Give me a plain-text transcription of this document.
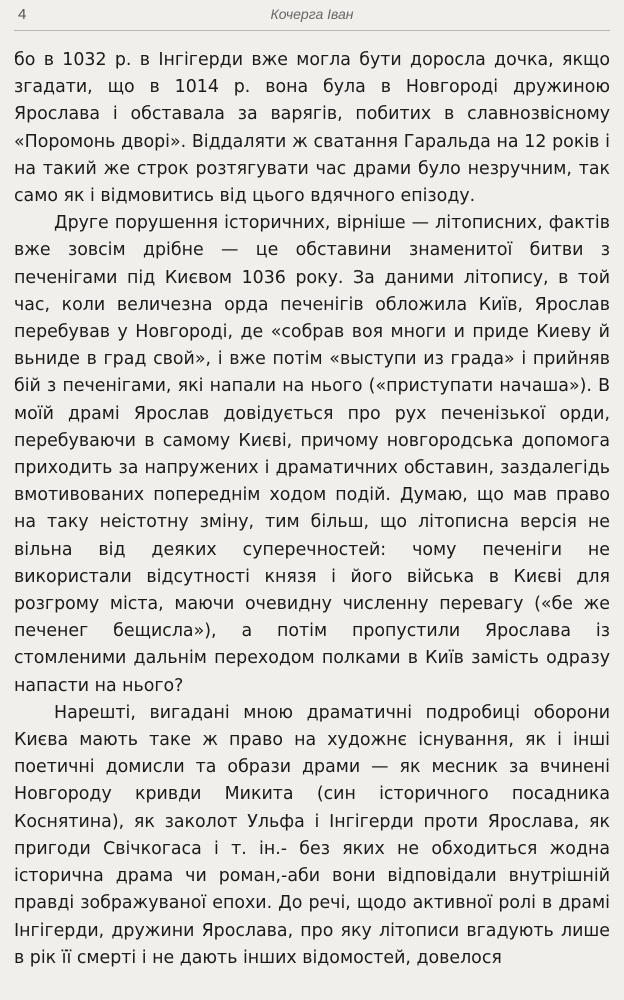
4	Кочерга Іван

бо в 1032 р. в Інгігерди вже могла бути доросла дочка, якщо згадати, що в 1014 р. вона була в Новгороді дружиною Ярослава і обставала за варягів, побитих в славнозвісному «Поромонь дворі». Віддаляти ж сватання Гаральда на 12 років і на такий же строк розтягувати час драми було незручним, так само як і відмовитись від цього вдячного епізоду.

Друге порушення історичних, вірніше — літописних, фактів вже зовсім дрібне — це обставини знаменитої битви з печенігами під Києвом 1036 року. За даними літопису, в той час, коли величезна орда печенігів обложила Київ, Ярослав перебував у Новгороді, де «собрав воя многи и приде Киеву й вьниде в град свой», і вже потім «выступи из града» і прийняв бій з печенігами, які напали на нього («приступати начаша»). В моїй драмі Ярослав довідується про рух печенізької орди, перебуваючи в самому Києві, причому новгородська допомога приходить за напружених і драматичних обставин, заздалегідь вмотивованих попереднім ходом подій. Думаю, що мав право на таку неістотну зміну, тим більш, що літописна версія не вільна від деяких суперечностей: чому печеніги не використали відсутності князя і його війська в Києві для розгрому міста, маючи очевидну численну перевагу («бе же печенег бещисла»), а потім пропустили Ярослава із стомленими дальнім переходом полками в Київ замість одразу напасти на нього?

Нарешті, вигадані мною драматичні подробиці оборони Києва мають таке ж право на художнє існування, як і інші поетичні домисли та образи драми — як месник за вчинені Новгороду кривди Микита (син історичного посадника Коснятина), як заколот Ульфа і Інгігерди проти Ярослава, як пригоди Свічкогаса і т. ін.- без яких не обходиться жодна історична драма чи роман,-аби вони відповідали внутрішній правді зображуваної епохи. До речі, щодо активної ролі в драмі Інгігерди, дружини Ярослава, про яку літописи вгадують лише в рік її смерті і не дають інших відомостей, довелося
